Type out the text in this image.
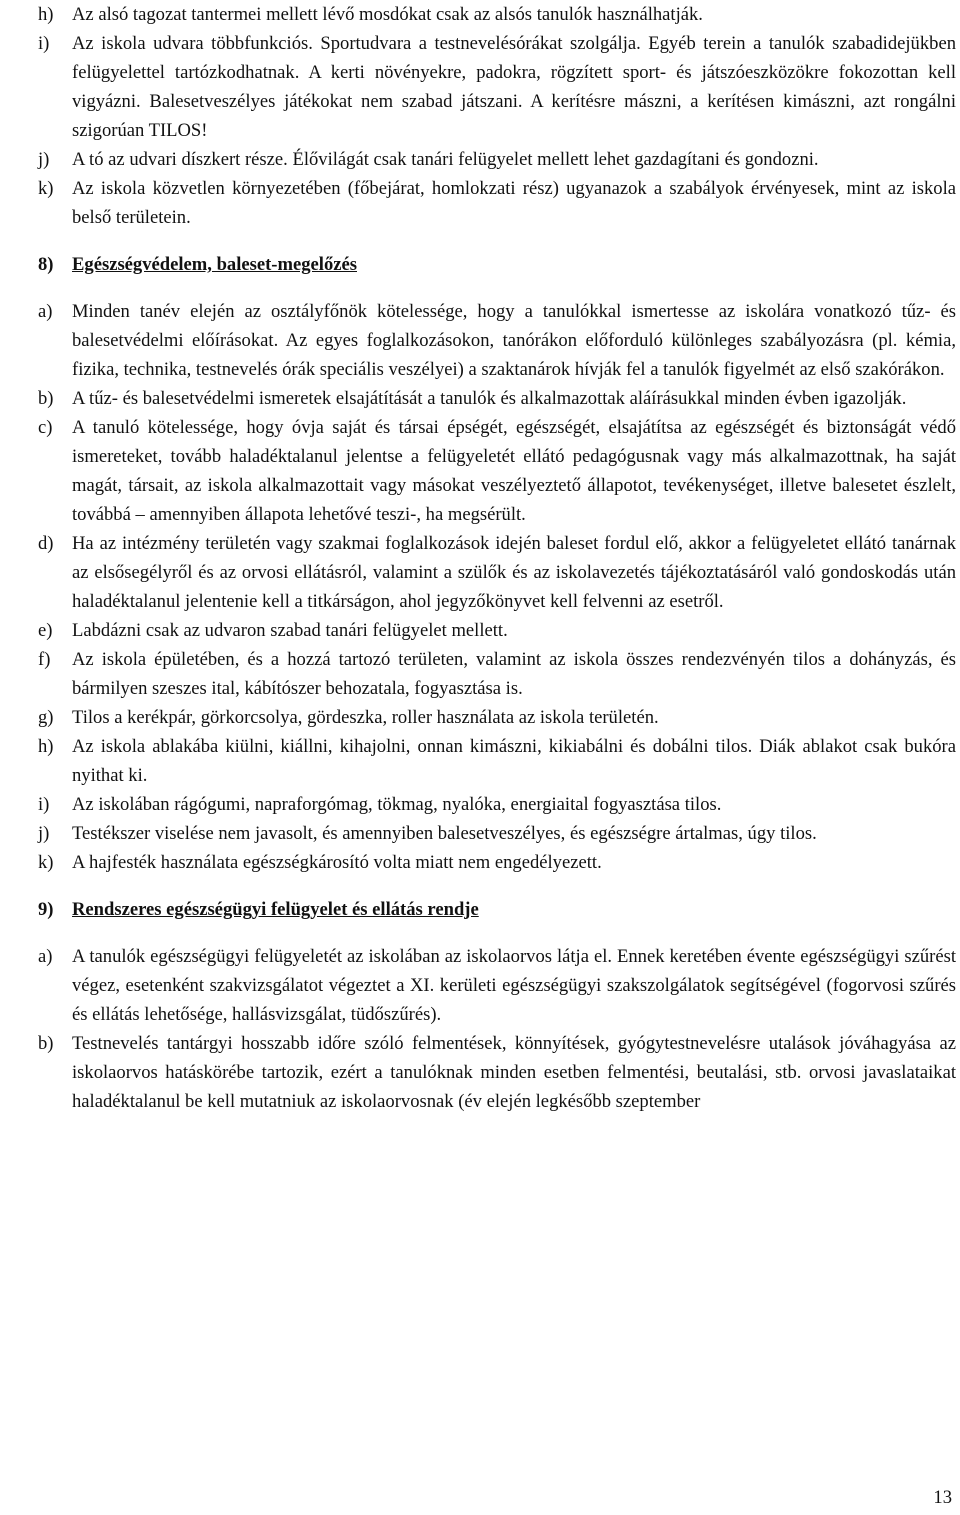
h) Az alsó tagozat tantermei mellett lévő mosdókat csak az alsós tanulók használhatják.
i) Az iskola udvara többfunkciós. Sportudvara a testnevelésórákat szolgálja. Egyéb terein a tanulók szabadidejükben felügyelettel tartózkodhatnak. A kerti növényekre, padokra, rögzített sport- és játszóeszközökre fokozottan kell vigyázni. Balesetveszélyes játékokat nem szabad játszani. A kerítésre mászni, a kerítésen kimászni, azt rongálni szigorúan TILOS!
j) A tó az udvari díszkert része. Élővilágát csak tanári felügyelet mellett lehet gazdagítani és gondozni.
k) Az iskola közvetlen környezetében (főbejárat, homlokzati rész) ugyanazok a szabályok érvényesek, mint az iskola belső területein.

8) Egészségvédelem, baleset-megelőzés

a) Minden tanév elején az osztályfőnök kötelessége, hogy a tanulókkal ismertesse az iskolára vonatkozó tűz- és balesetvédelmi előírásokat. Az egyes foglalkozásokon, tanórákon előforduló különleges szabályozásra (pl. kémia, fizika, technika, testnevelés órák speciális veszélyei) a szaktanárok hívják fel a tanulók figyelmét az első szakórákon.
b) A tűz- és balesetvédelmi ismeretek elsajátítását a tanulók és alkalmazottak aláírásukkal minden évben igazolják.
c) A tanuló kötelessége, hogy óvja saját és társai épségét, egészségét, elsajátítsa az egészségét és biztonságát védő ismereteket, tovább haladéktalanul jelentse a felügyeletét ellátó pedagógusnak vagy más alkalmazottnak, ha saját magát, társait, az iskola alkalmazottait vagy másokat veszélyeztető állapotot, tevékenységet, illetve balesetet észlelt, továbbá – amennyiben állapota lehetővé teszi-, ha megsérült.
d) Ha az intézmény területén vagy szakmai foglalkozások idején baleset fordul elő, akkor a felügyeletet ellátó tanárnak az elsősegélyről és az orvosi ellátásról, valamint a szülők és az iskolavezetés tájékoztatásáról való gondoskodás után haladéktalanul jelentenie kell a titkárságon, ahol jegyzőkönyvet kell felvenni az esetről.
e) Labdázni csak az udvaron szabad tanári felügyelet mellett.
f) Az iskola épületében, és a hozzá tartozó területen, valamint az iskola összes rendezvényén tilos a dohányzás, és bármilyen szeszes ital, kábítószer behozatala, fogyasztása is.
g) Tilos a kerékpár, görkorcsolya, gördeszka, roller használata az iskola területén.
h) Az iskola ablakába kiülni, kiállni, kihajolni, onnan kimászni, kikiabálni és dobálni tilos. Diák ablakot csak bukóra nyithat ki.
i) Az iskolában rágógumi, napraforgómag, tökmag, nyalóka, energiaital fogyasztása tilos.
j) Testékszer viselése nem javasolt, és amennyiben balesetveszélyes, és egészségre ártalmas, úgy tilos.
k) A hajfesték használata egészségkárosító volta miatt nem engedélyezett.

9) Rendszeres egészségügyi felügyelet és ellátás rendje

a) A tanulók egészségügyi felügyeletét az iskolában az iskolaorvos látja el. Ennek keretében évente egészségügyi szűrést végez, esetenként szakvizsgálatot végeztet a XI. kerületi egészségügyi szakszolgálatok segítségével (fogorvosi szűrés és ellátás lehetősége, hallásvizsgálat, tüdőszűrés).
b) Testnevelés tantárgyi hosszabb időre szóló felmentések, könnyítések, gyógytestnevelésre utalások jóváhagyása az iskolaorvos hatáskörébe tartozik, ezért a tanulóknak minden esetben felmentési, beutalási, stb. orvosi javaslataikat haladéktalanul be kell mutatniuk az iskolaorvosnak (év elején legkésőbb szeptember
13
